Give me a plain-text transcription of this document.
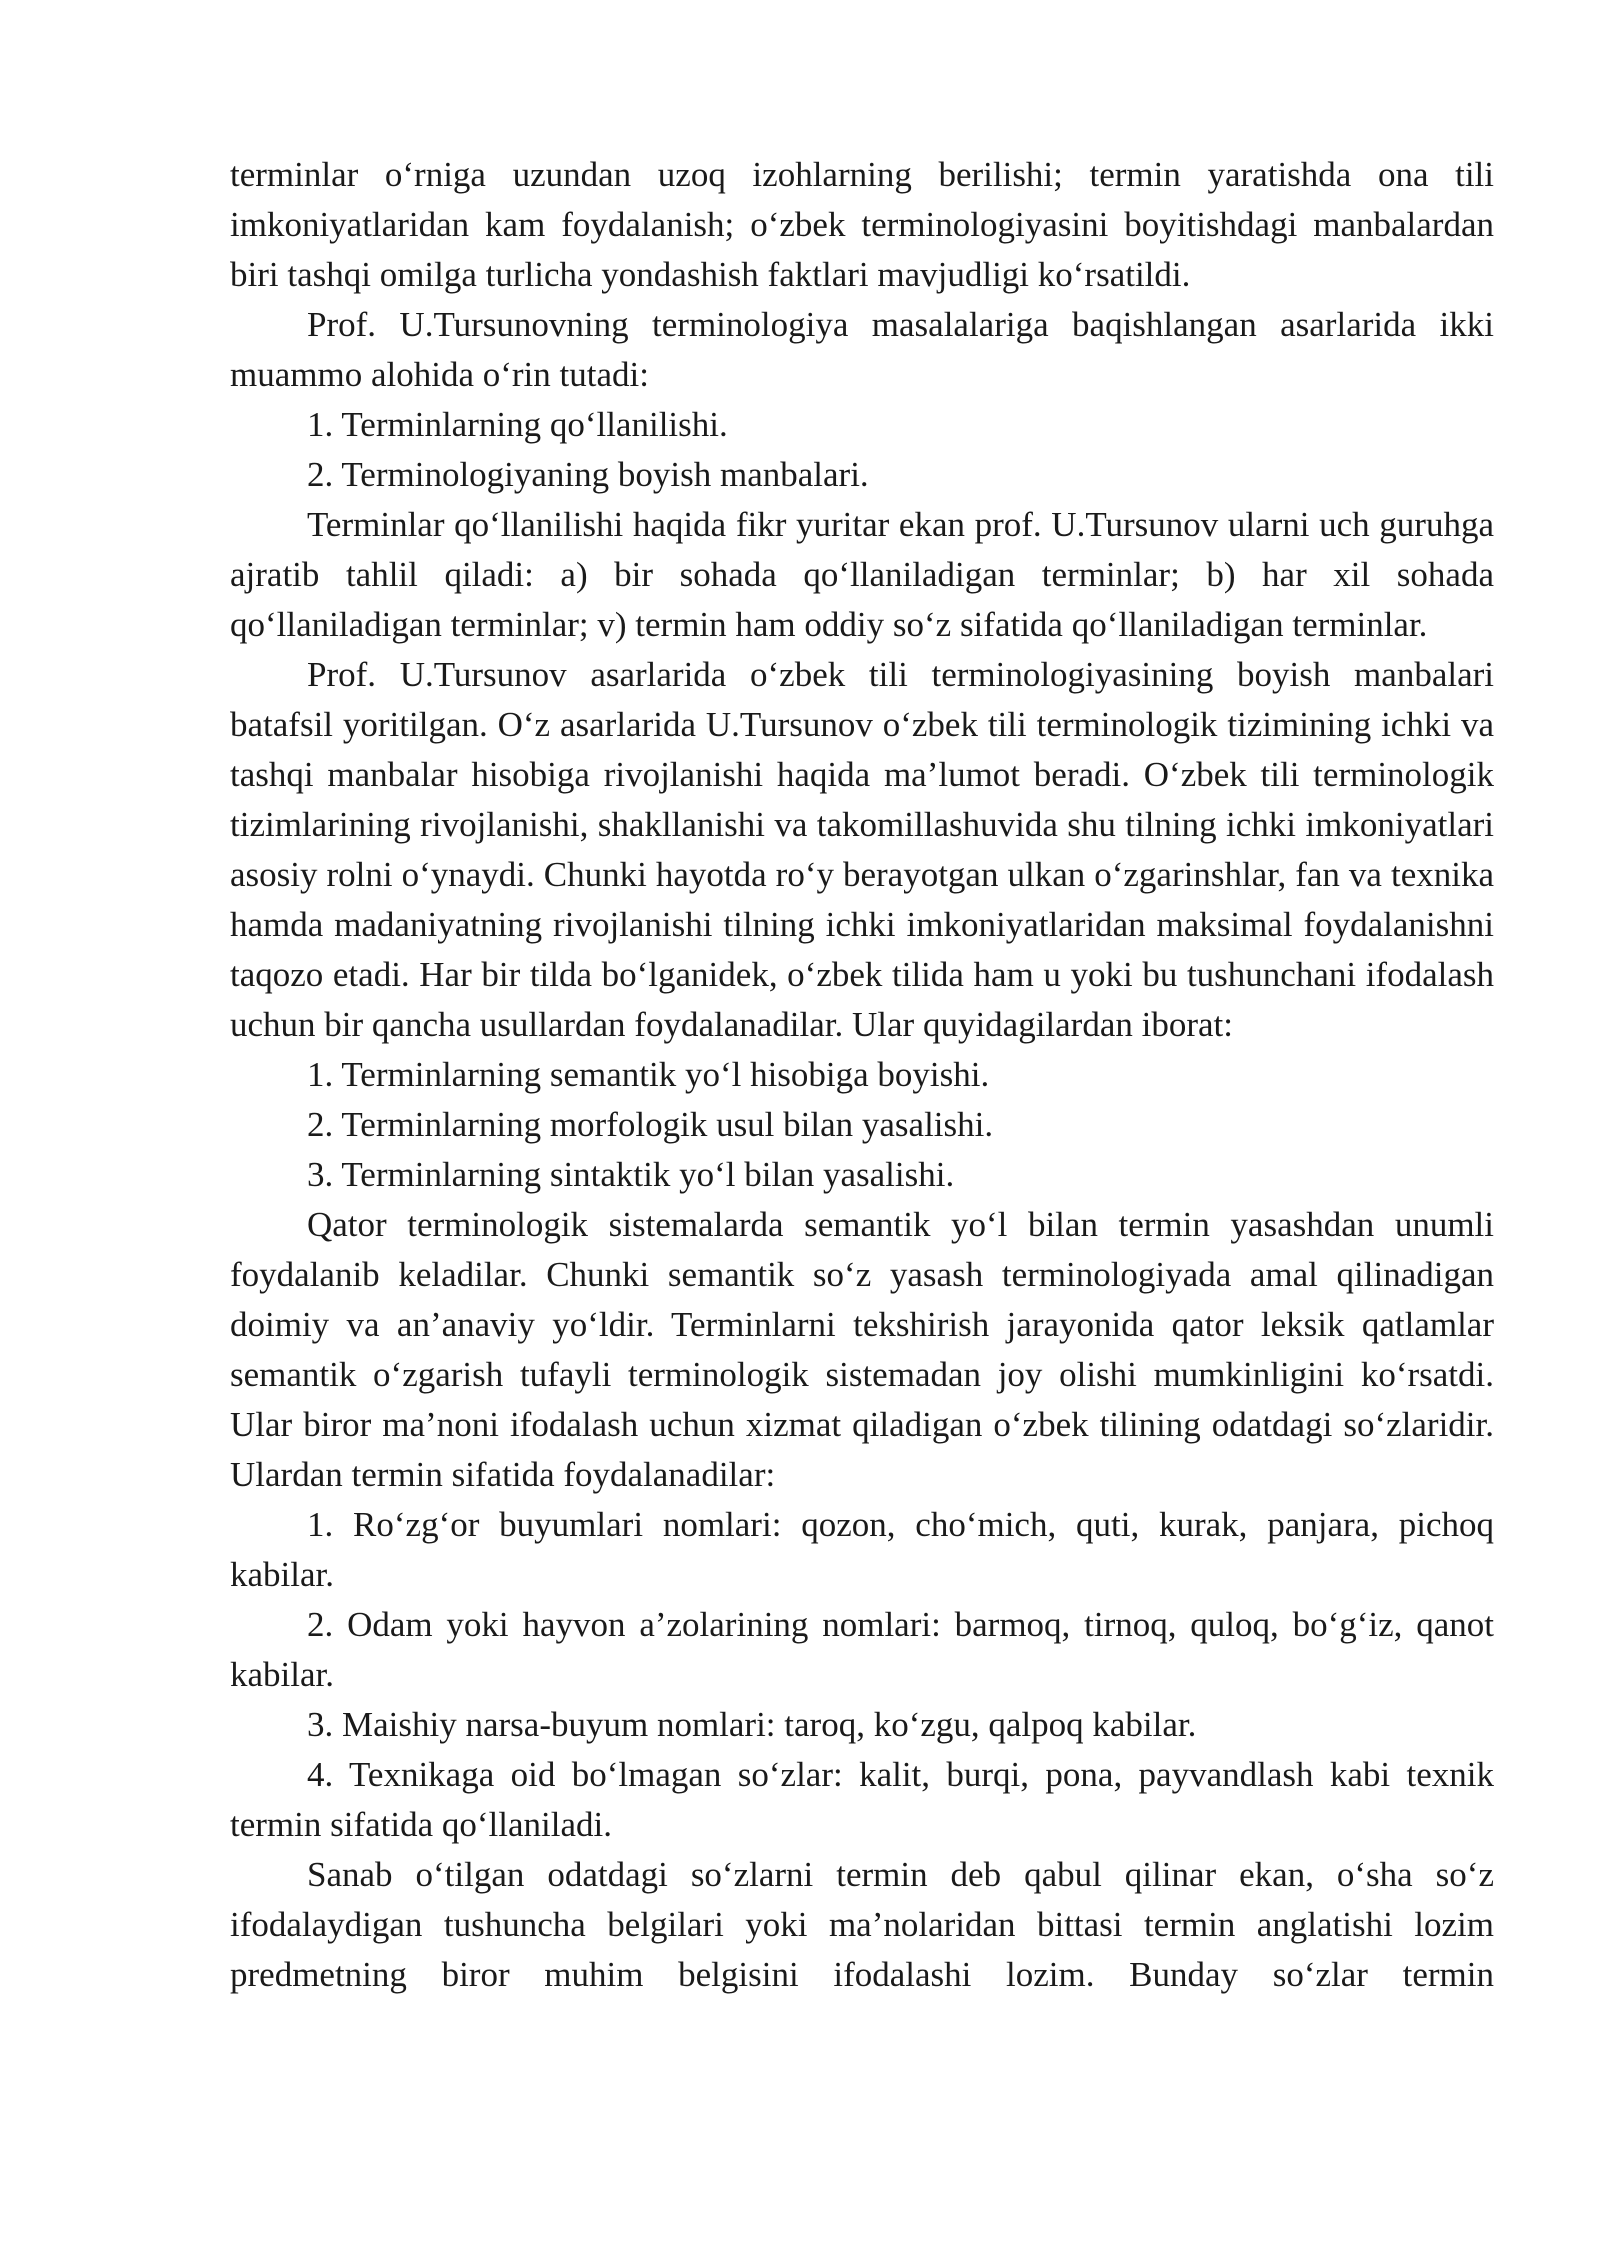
terminlar o‘rniga uzundan uzoq izohlarning berilishi; termin yaratishda ona tili imkoniyatlaridan kam foydalanish; o‘zbek terminologiyasini boyitishdagi manbalardan biri tashqi omilga turlicha yondashish faktlari mavjudligi ko‘rsatildi.

Prof. U.Tursunovning terminologiya masalalariga baqishlangan asarlarida ikki muammo alohida o‘rin tutadi:

1. Terminlarning qo‘llanilishi.

2. Terminologiyaning boyish manbalari.

Terminlar qo‘llanilishi haqida fikr yuritar ekan prof. U.Tursunov ularni uch guruhga ajratib tahlil qiladi: a) bir sohada qo‘llaniladigan terminlar; b) har xil sohada qo‘llaniladigan terminlar; v) termin ham oddiy so‘z sifatida qo‘llaniladigan terminlar.

Prof. U.Tursunov asarlarida o‘zbek tili terminologiyasining boyish manbalari batafsil yoritilgan. O‘z asarlarida U.Tursunov o‘zbek tili terminologik tizimining ichki va tashqi manbalar hisobiga rivojlanishi haqida ma’lumot beradi. O‘zbek tili terminologik tizimlarining rivojlanishi, shakllanishi va takomillashuvida shu tilning ichki imkoniyatlari asosiy rolni o‘ynaydi. Chunki hayotda ro‘y berayotgan ulkan o‘zgarinshlar, fan va texnika hamda madaniyatning rivojlanishi tilning ichki imkoniyatlaridan maksimal foydalanishni taqozo etadi. Har bir tilda bo‘lganidek, o‘zbek tilida ham u yoki bu tushunchani ifodalash uchun bir qancha usullardan foydalanadilar. Ular quyidagilardan iborat:

1. Terminlarning semantik yo‘l hisobiga boyishi.

2. Terminlarning morfologik usul bilan yasalishi.

3. Terminlarning sintaktik yo‘l bilan yasalishi.

Qator terminologik sistemalarda semantik yo‘l bilan termin yasashdan unumli foydalanib keladilar. Chunki semantik so‘z yasash terminologiyada amal qilinadigan doimiy va an’anaviy yo‘ldir. Terminlarni tekshirish jarayonida qator leksik qatlamlar semantik o‘zgarish tufayli terminologik sistemadan joy olishi mumkinligini ko‘rsatdi. Ular biror ma’noni ifodalash uchun xizmat qiladigan o‘zbek tilining odatdagi so‘zlaridir. Ulardan termin sifatida foydalanadilar:

1. Ro‘zg‘or buyumlari nomlari: qozon, cho‘mich, quti, kurak, panjara, pichoq kabilar.

2. Odam yoki hayvon a’zolarining nomlari: barmoq, tirnoq, quloq, bo‘g‘iz, qanot kabilar.

3. Maishiy narsa-buyum nomlari: taroq, ko‘zgu, qalpoq kabilar.

4. Texnikaga oid bo‘lmagan so‘zlar: kalit, burqi, pona, payvandlash kabi texnik termin sifatida qo‘llaniladi.

Sanab o‘tilgan odatdagi so‘zlarni termin deb qabul qilinar ekan, o‘sha so‘z ifodalaydigan tushuncha belgilari yoki ma’nolaridan bittasi termin anglatishi lozim predmetning biror muhim belgisini ifodalashi lozim. Bunday so‘zlar termin
